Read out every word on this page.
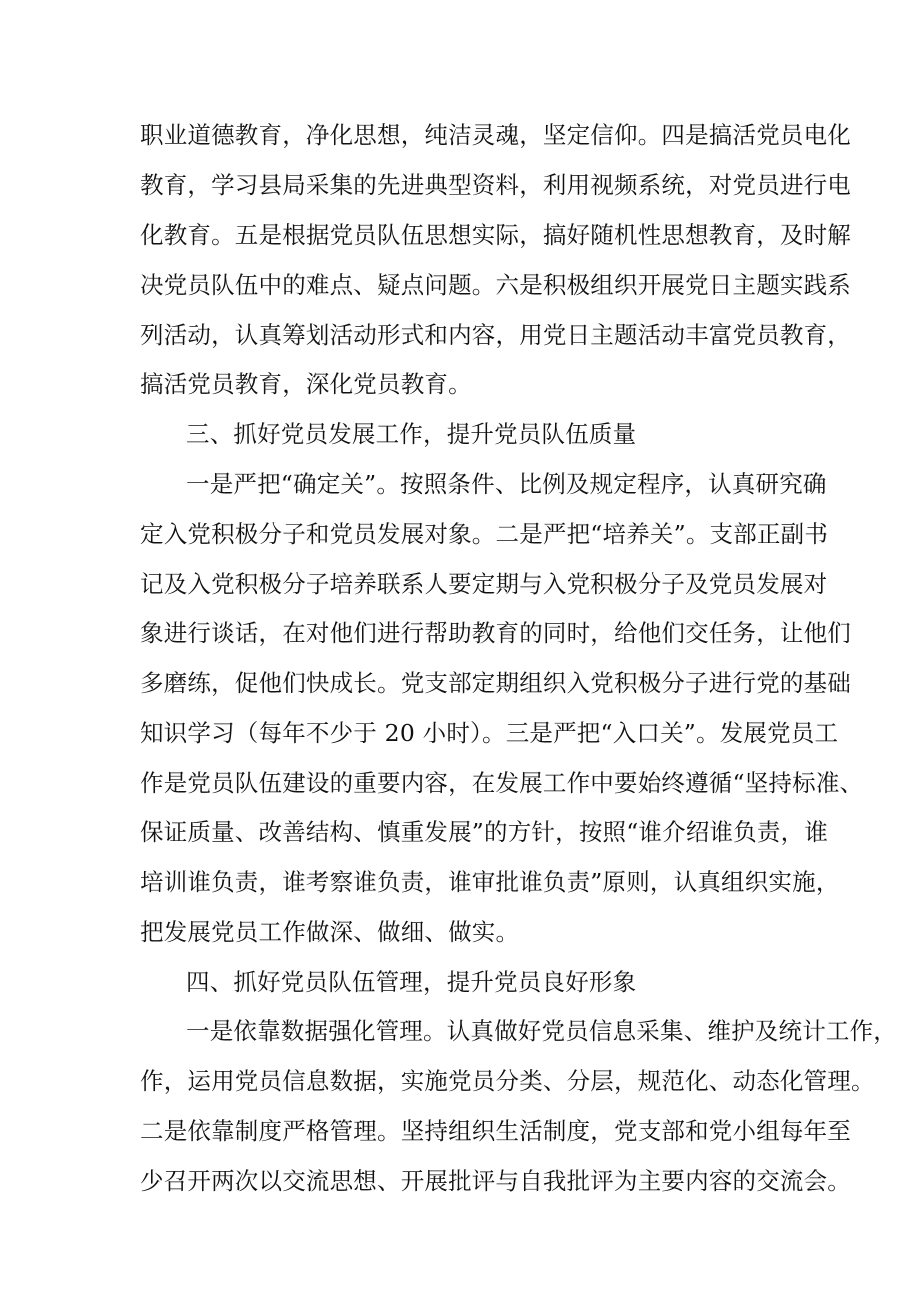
职业道德教育，净化思想，纯洁灵魂，坚定信仰。四是搞活党员电化
教育，学习县局采集的先进典型资料，利用视频系统，对党员进行电
化教育。五是根据党员队伍思想实际，搞好随机性思想教育，及时解
决党员队伍中的难点、疑点问题。六是积极组织开展党日主题实践系
列活动，认真筹划活动形式和内容，用党日主题活动丰富党员教育，
搞活党员教育，深化党员教育。
三、抓好党员发展工作，提升党员队伍质量
一是严把“确定关”。按照条件、比例及规定程序，认真研究确
定入党积极分子和党员发展对象。二是严把“培养关”。支部正副书
记及入党积极分子培养联系人要定期与入党积极分子及党员发展对
象进行谈话，在对他们进行帮助教育的同时，给他们交任务，让他们
多磨练，促他们快成长。党支部定期组织入党积极分子进行党的基础
知识学习（每年不少于 20 小时）。三是严把“入口关”。发展党员工
作是党员队伍建设的重要内容，在发展工作中要始终遵循“坚持标准、
保证质量、改善结构、慎重发展”的方针，按照“谁介绍谁负责，谁
培训谁负责，谁考察谁负责，谁审批谁负责”原则，认真组织实施，
把发展党员工作做深、做细、做实。
四、抓好党员队伍管理，提升党员良好形象
一是依靠数据强化管理。认真做好党员信息采集、维护及统计工作，
作，运用党员信息数据，实施党员分类、分层，规范化、动态化管理。
二是依靠制度严格管理。坚持组织生活制度，党支部和党小组每年至
少召开两次以交流思想、开展批评与自我批评为主要内容的交流会。
